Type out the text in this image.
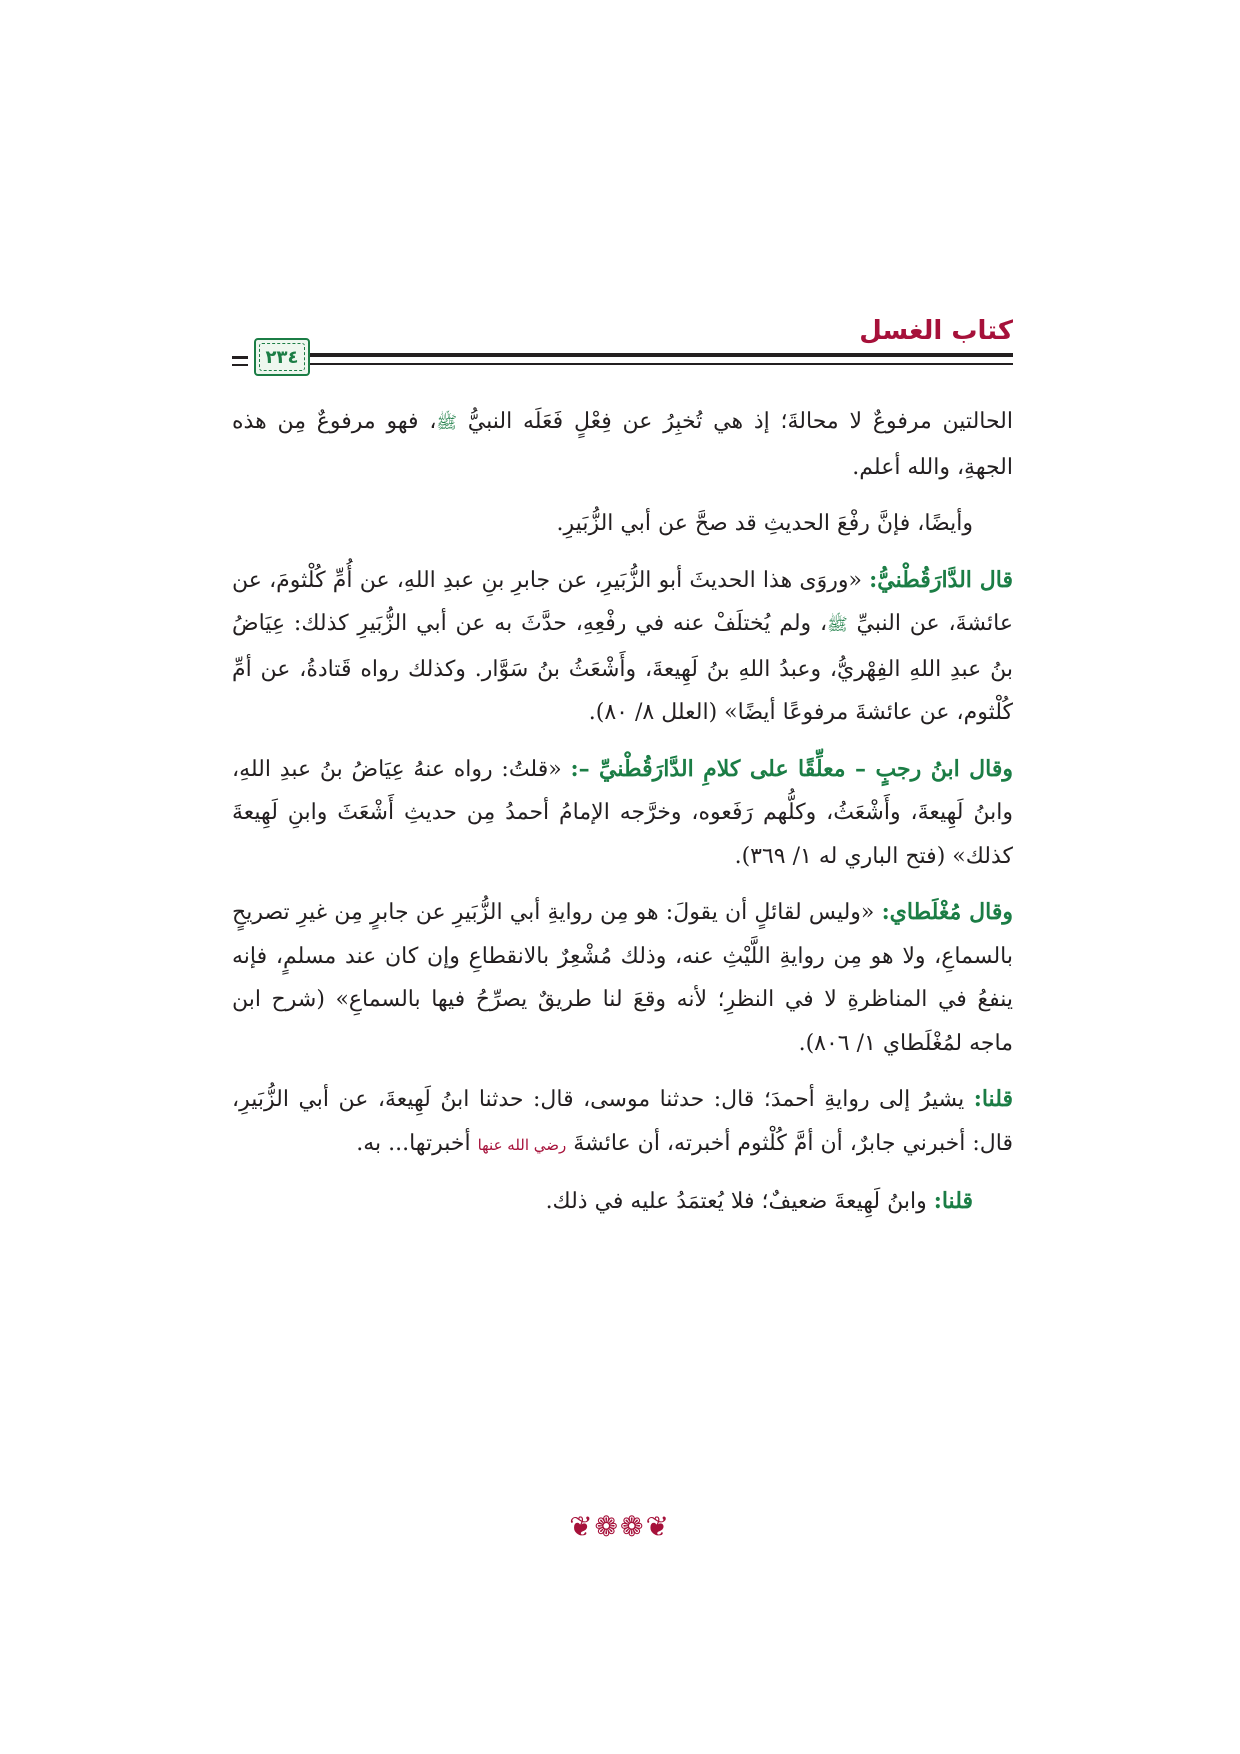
كتاب الغسل
٢٣٤

الحالتين مرفوعٌ لا محالةَ؛ إذ هي تُخبِرُ عن فِعْلٍ فَعَلَه النبيُّ ﷺ، فهو مرفوعٌ مِن هذه الجهةِ، والله أعلم.

وأيضًا، فإنَّ رفْعَ الحديثِ قد صحَّ عن أبي الزُّبَيرِ.

قال الدَّارَقُطْنيُّ: «وروَى هذا الحديثَ أبو الزُّبَيرِ، عن جابرِ بنِ عبدِ اللهِ، عن أُمِّ كُلْثومَ، عن عائشةَ، عن النبيِّ ﷺ، ولم يُختلَفْ عنه في رفْعِهِ، حدَّثَ به عن أبي الزُّبَيرِ كذلك: عِيَاضُ بنُ عبدِ اللهِ الفِهْريُّ، وعبدُ اللهِ بنُ لَهِيعةَ، وأَشْعَثُ بنُ سَوَّار. وكذلك رواه قَتادةُ، عن أمِّ كُلْثوم، عن عائشةَ مرفوعًا أيضًا» (العلل ٨/ ٨٠).

وقال ابنُ رجبٍ – معلِّقًا على كلامِ الدَّارَقُطْنيِّ –: «قلتُ: رواه عنهُ عِيَاضُ بنُ عبدِ اللهِ، وابنُ لَهِيعةَ، وأَشْعَثُ، وكلُّهم رَفَعوه، وخرَّجه الإمامُ أحمدُ مِن حديثِ أَشْعَثَ وابنِ لَهِيعةَ كذلك» (فتح الباري له ١/ ٣٦٩).

وقال مُغْلَطاي: «وليس لقائلٍ أن يقولَ: هو مِن روايةِ أبي الزُّبَيرِ عن جابرٍ مِن غيرِ تصريحٍ بالسماعِ، ولا هو مِن روايةِ اللَّيْثِ عنه، وذلك مُشْعِرٌ بالانقطاعِ وإن كان عند مسلمٍ، فإنه ينفعُ في المناظرةِ لا في النظرِ؛ لأنه وقعَ لنا طريقٌ يصرِّحُ فيها بالسماعِ» (شرح ابن ماجه لمُغْلَطاي ١/ ٨٠٦).

قلنا: يشيرُ إلى روايةِ أحمدَ؛ قال: حدثنا موسى، قال: حدثنا ابنُ لَهِيعةَ، عن أبي الزُّبَيرِ، قال: أخبرني جابرٌ، أن أمَّ كُلْثوم أخبرته، أن عائشةَ رضي الله عنها أخبرتها... به.

قلنا: وابنُ لَهِيعةَ ضعيفٌ؛ فلا يُعتمَدُ عليه في ذلك.

❦❁❁❦
